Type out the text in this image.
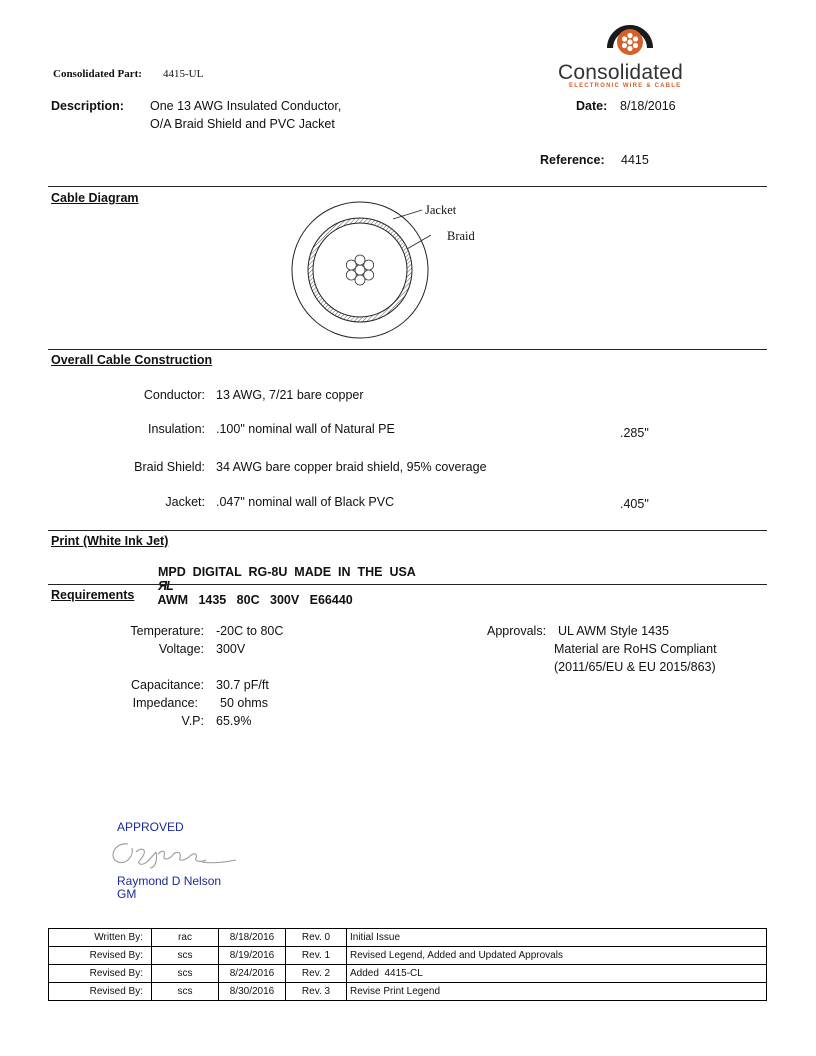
Consolidated
ELECTRONIC WIRE & CABLE
Consolidated Part: 4415-UL
Description: One 13 AWG Insulated Conductor,
O/A Braid Shield and PVC Jacket
Date: 8/18/2016
Reference: 4415
Cable Diagram
Jacket
Braid
Overall Cable Construction
Conductor: 13 AWG, 7/21 bare copper
Insulation: .100" nominal wall of Natural PE	.285"
Braid Shield: 34 AWG bare copper braid shield, 95% coverage
Jacket: .047" nominal wall of Black PVC	.405"
Print (White Ink Jet)

MPD  DIGITAL  RG-8U  MADE  IN  THE  USA
ЯL
AWM   1435   80C   300V   E66440

Requirements
Temperature: -20C to 80C
Voltage: 300V
Capacitance: 30.7 pF/ft
Impedance: 50 ohms
V.P: 65.9%
Approvals: UL AWM Style 1435
Material are RoHS Compliant
(2011/65/EU & EU 2015/863)
APPROVED
Raymond D Nelson
GM
Written By:	rac	8/18/2016	Rev. 0	Initial Issue
Revised By:	scs	8/19/2016	Rev. 1	Revised Legend, Added and Updated Approvals
Revised By:	scs	8/24/2016	Rev. 2	Added  4415-CL
Revised By:	scs	8/30/2016	Rev. 3	Revise Print Legend
